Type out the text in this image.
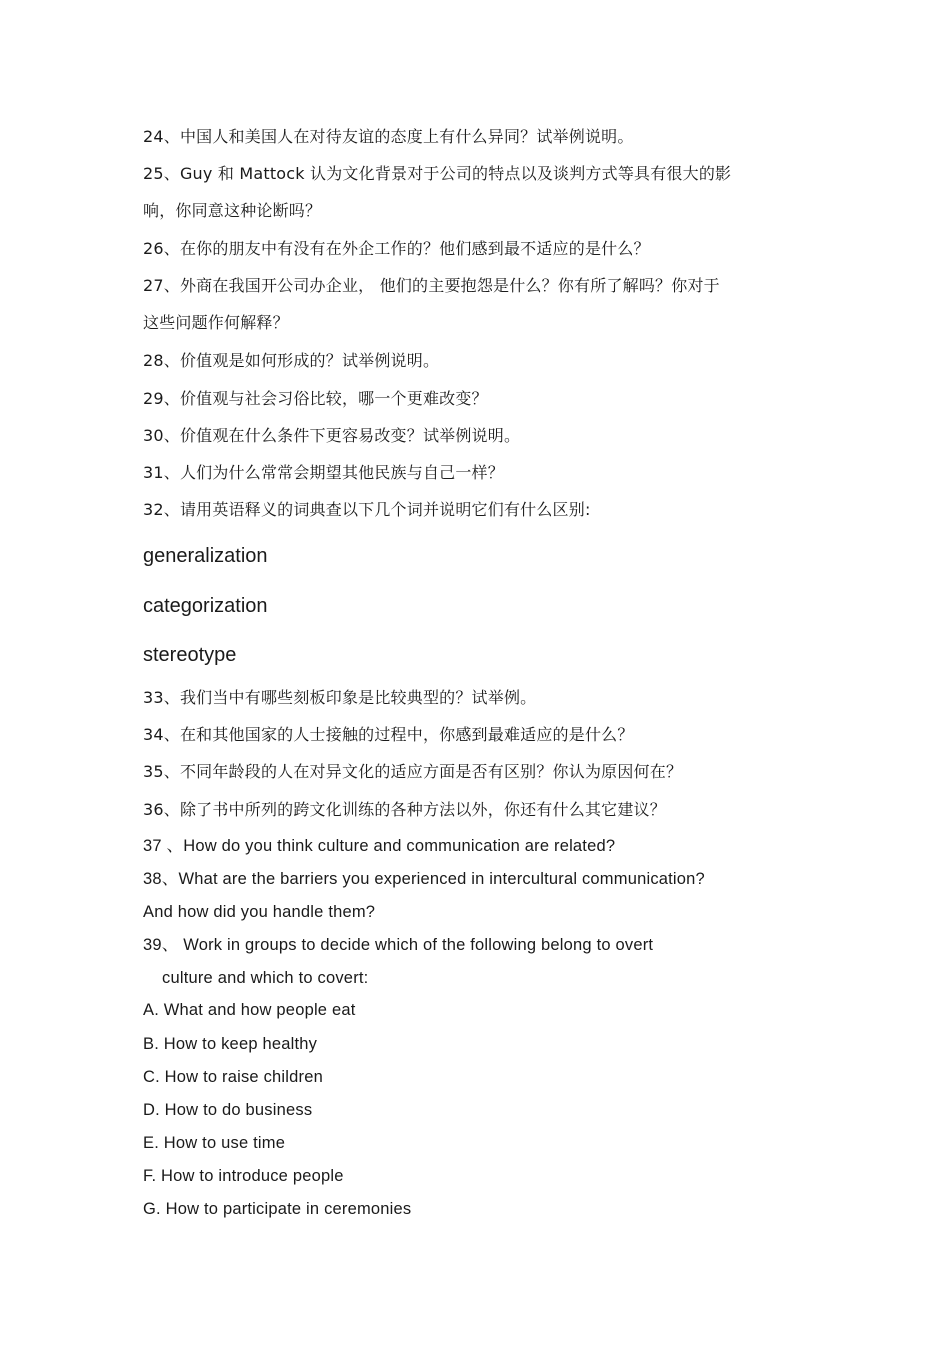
24、中国人和美国人在对待友谊的态度上有什么异同？试举例说明。
25、Guy 和 Mattock 认为文化背景对于公司的特点以及谈判方式等具有很大的影
响，你同意这种论断吗？
26、在你的朋友中有没有在外企工作的？他们感到最不适应的是什么？
27、外商在我国开公司办企业， 他们的主要抱怨是什么？你有所了解吗？你对于
这些问题作何解释？
28、价值观是如何形成的？试举例说明。
29、价值观与社会习俗比较，哪一个更难改变？
30、价值观在什么条件下更容易改变？试举例说明。
31、人们为什么常常会期望其他民族与自己一样？
32、请用英语释义的词典查以下几个词并说明它们有什么区别:
generalization
categorization
stereotype
33、我们当中有哪些刻板印象是比较典型的？试举例。
34、在和其他国家的人士接触的过程中，你感到最难适应的是什么？
35、不同年龄段的人在对异文化的适应方面是否有区别？你认为原因何在？
36、除了书中所列的跨文化训练的各种方法以外，你还有什么其它建议？
37 、How do you think culture and communication are related?
38、What are the barriers you experienced in intercultural communication?
And how did you handle them?
39、 Work in groups to decide which of the following belong to overt
culture and which to covert:
A. What and how people eat
B. How to keep healthy
C. How to raise children
D. How to do business
E. How to use time
F. How to introduce people
G. How to participate in ceremonies
